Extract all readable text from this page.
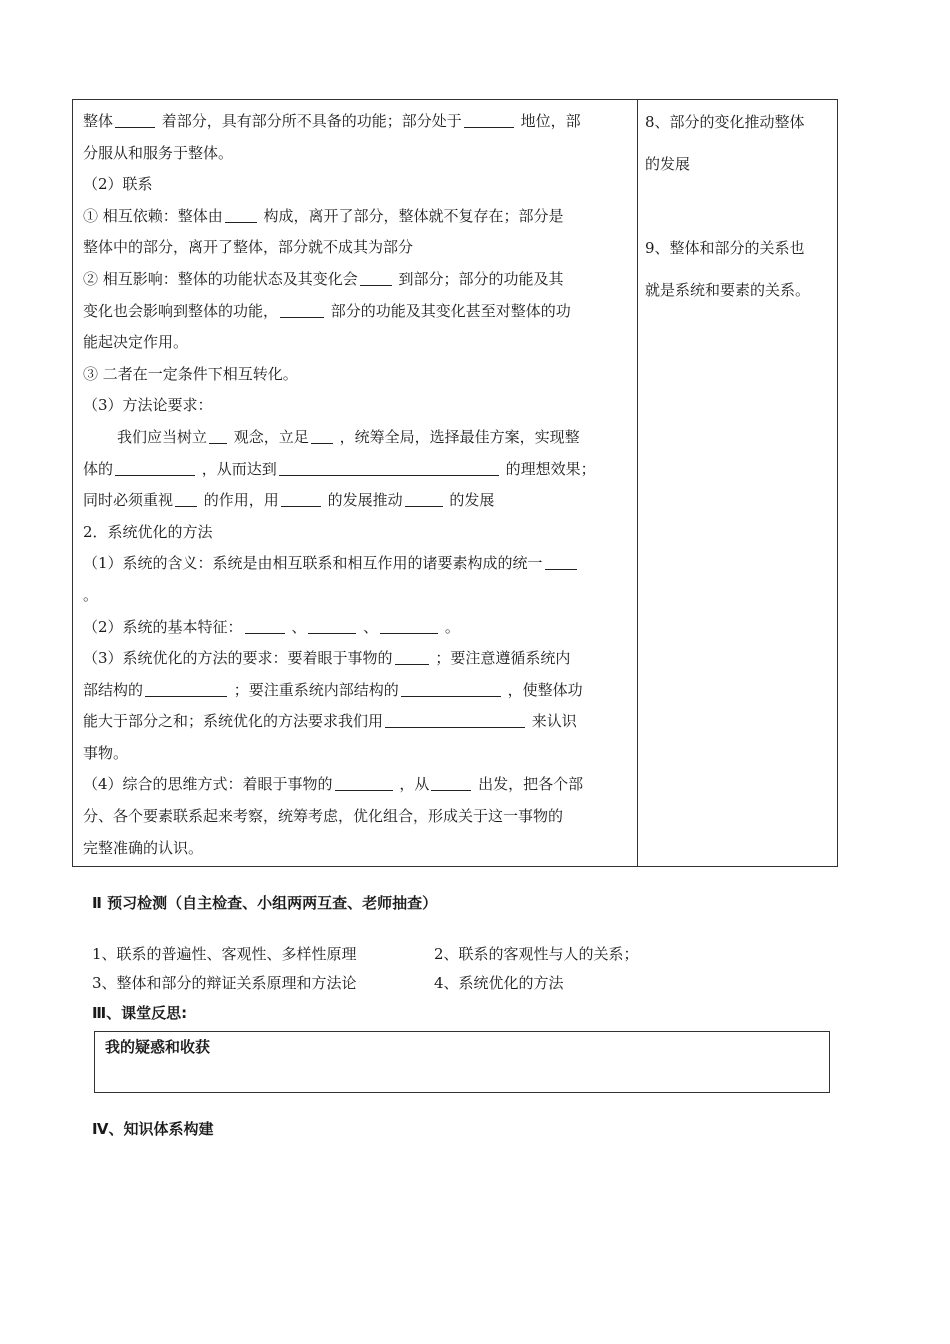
整体	着部分，具有部分所不具备的功能；部分处于	地位，部

分服从和服务于整体。

（2）联系

① 相互依赖：整体由 构成，离开了部分，整体就不复存在；部分是

整体中的部分，离开了整体，部分就不成其为部分

② 相互影响：整体的功能状态及其变化会 到部分；部分的功能及其

变化也会影响到整体的功能，	部分的功能及其变化甚至对整体的功

能起决定作用。

③ 二者在一定条件下相互转化。

（3）方法论要求：

我们应当树立 观念，立足 ，统筹全局，选择最佳方案，实现整

体的	，从而达到	的理想效果；

同时必须重视 的作用，用	的发展推动	的发展

2．系统优化的方法

（1）系统的含义：系统是由相互联系和相互作用的诸要素构成的统一

。

（2）系统的基本特征：	、	、	。

（3）系统优化的方法的要求：要着眼于事物的	；要注意遵循系统内

部结构的	；要注重系统内部结构的	，使整体功

能大于部分之和；系统优化的方法要求我们用	来认识

事物。

（4）综合的思维方式：着眼于事物的	，从	出发，把各个部

分、各个要素联系起来考察，统筹考虑，优化组合，形成关于这一事物的

完整准确的认识。

8、部分的变化推动整体

的发展

9、整体和部分的关系也

就是系统和要素的关系。

Ⅱ 预习检测（自主检查、小组两两互查、老师抽查）
1、联系的普遍性、客观性、多样性原理	2、联系的客观性与人的关系；
3、整体和部分的辩证关系原理和方法论	4、系统优化的方法
Ⅲ、课堂反思:
我的疑惑和收获
Ⅳ、知识体系构建
